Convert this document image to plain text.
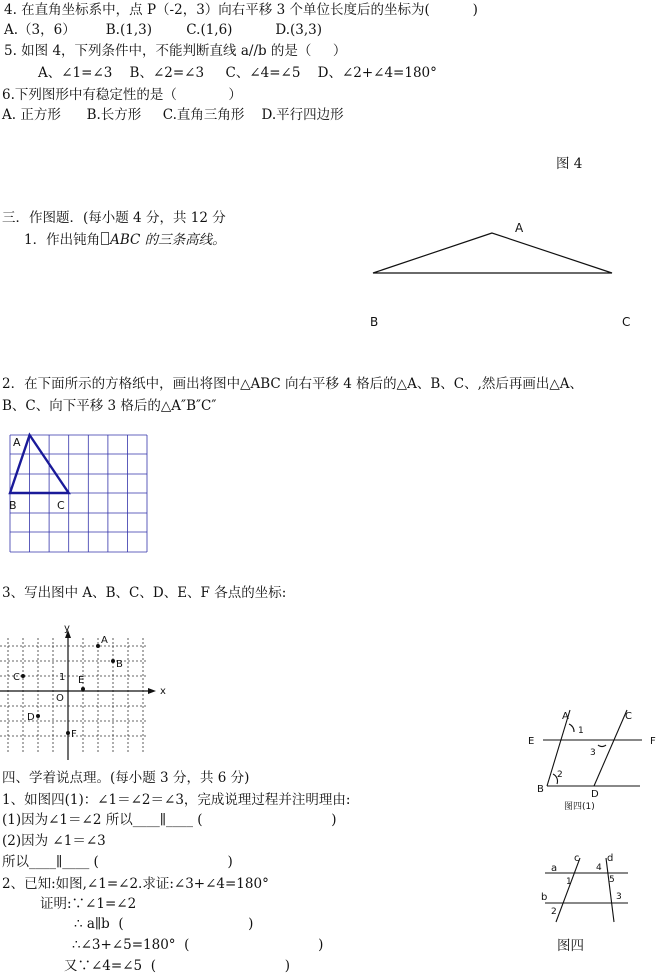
4. 在直角坐标系中，点 P（-2，3）向右平移 3 个单位长度后的坐标为(          )
A.（3，6）       B.(1,3)        C.(1,6)          D.(3,3)
5. 如图 4，下列条件中，不能判断直线 a//b 的是（     ）
A、∠1=∠3    B、∠2=∠3     C、∠4=∠5    D、∠2+∠4=180°
6.下列图形中有稳定性的是（            ）
A. 正方形      B.长方形     C.直角三角形    D.平行四边形
图 4
三．作图题．(每小题 4 分，共 12 分
1．作出钝角 ABC 的三条高线。
A
B	C
2．在下面所示的方格纸中，画出将图中△ABC 向右平移 4 格后的△A、B、C、,然后再画出△A、
B、C、向下平移 3 格后的△A″B″C″
A
B	C
3、写出图中 A、B、C、D、E、F 各点的坐标:
x
y
O
1
A
B
C
D
E
F
四、学着说点理。(每小题 3 分，共 6 分)
1、如图四(1)：∠1＝∠2＝∠3，完成说理过程并注明理由:
(1)因为∠1＝∠2 所以____∥____ (                              )
(2)因为 ∠1＝∠3
所以____∥____ (                              )
2、已知:如图,∠1=∠2.求证:∠3+∠4=180°
证明:∵∠1=∠2
∴ a∥b  (                             )
∴∠3+∠5=180°  (                              )
又∵∠4=∠5  (                              )
A	C
E	F
B	D
1
2
3
图四(1)
a
c	d
b
1
2
3
4
5
图四
